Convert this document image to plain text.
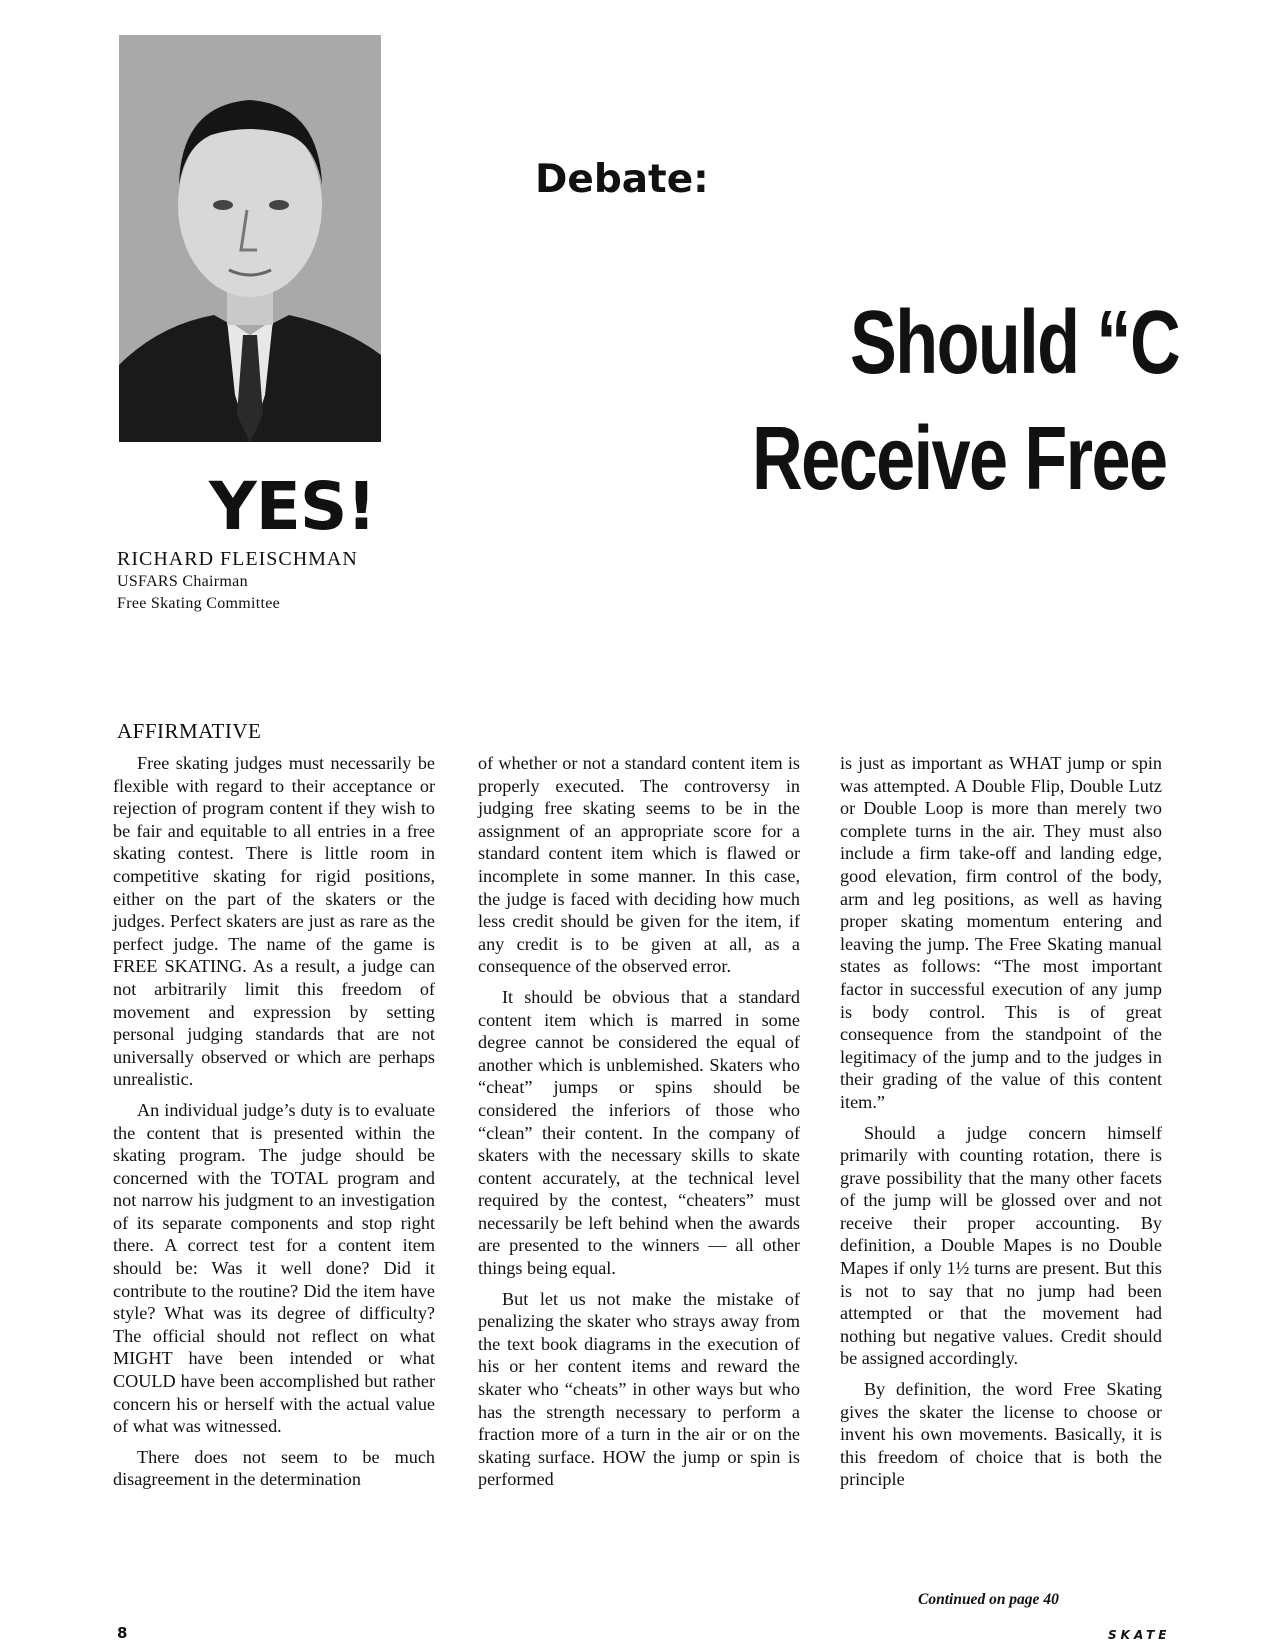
Debate:
Should “C
Receive Free
YES!
RICHARD FLEISCHMAN
USFARS Chairman
Free Skating Committee
AFFIRMATIVE

Free skating judges must necessarily be flexible with regard to their acceptance or rejection of program content if they wish to be fair and equitable to all entries in a free skating contest. There is little room in competitive skating for rigid positions, either on the part of the skaters or the judges. Perfect skaters are just as rare as the perfect judge. The name of the game is FREE SKATING. As a result, a judge can not arbitrarily limit this freedom of movement and expression by setting personal judging standards that are not universally observed or which are perhaps unrealistic.

An individual judge’s duty is to evaluate the content that is presented within the skating program. The judge should be concerned with the TOTAL program and not narrow his judgment to an investigation of its separate components and stop right there. A correct test for a content item should be: Was it well done? Did it contribute to the routine? Did the item have style? What was its degree of difficulty? The official should not reflect on what MIGHT have been intended or what COULD have been accomplished but rather concern his or herself with the actual value of what was witnessed.

There does not seem to be much disagreement in the determination

of whether or not a standard content item is properly executed. The controversy in judging free skating seems to be in the assignment of an appropriate score for a standard content item which is flawed or incomplete in some manner. In this case, the judge is faced with deciding how much less credit should be given for the item, if any credit is to be given at all, as a consequence of the observed error.

It should be obvious that a standard content item which is marred in some degree cannot be considered the equal of another which is unblemished. Skaters who “cheat” jumps or spins should be considered the inferiors of those who “clean” their content. In the company of skaters with the necessary skills to skate content accurately, at the technical level required by the contest, “cheaters” must necessarily be left behind when the awards are presented to the winners — all other things being equal.

But let us not make the mistake of penalizing the skater who strays away from the text book diagrams in the execution of his or her content items and reward the skater who “cheats” in other ways but who has the strength necessary to perform a fraction more of a turn in the air or on the skating surface. HOW the jump or spin is performed

is just as important as WHAT jump or spin was attempted. A Double Flip, Double Lutz or Double Loop is more than merely two complete turns in the air. They must also include a firm take-off and landing edge, good elevation, firm control of the body, arm and leg positions, as well as having proper skating momentum entering and leaving the jump. The Free Skating manual states as follows: “The most important factor in successful execution of any jump is body control. This is of great consequence from the standpoint of the legitimacy of the jump and to the judges in their grading of the value of this content item.”

Should a judge concern himself primarily with counting rotation, there is grave possibility that the many other facets of the jump will be glossed over and not receive their proper accounting. By definition, a Double Mapes is no Double Mapes if only 1½ turns are present. But this is not to say that no jump had been attempted or that the movement had nothing but negative values. Credit should be assigned accordingly.

By definition, the word Free Skating gives the skater the license to choose or invent his own movements. Basically, it is this freedom of choice that is both the principle

Continued on page 40
8	SKATE
